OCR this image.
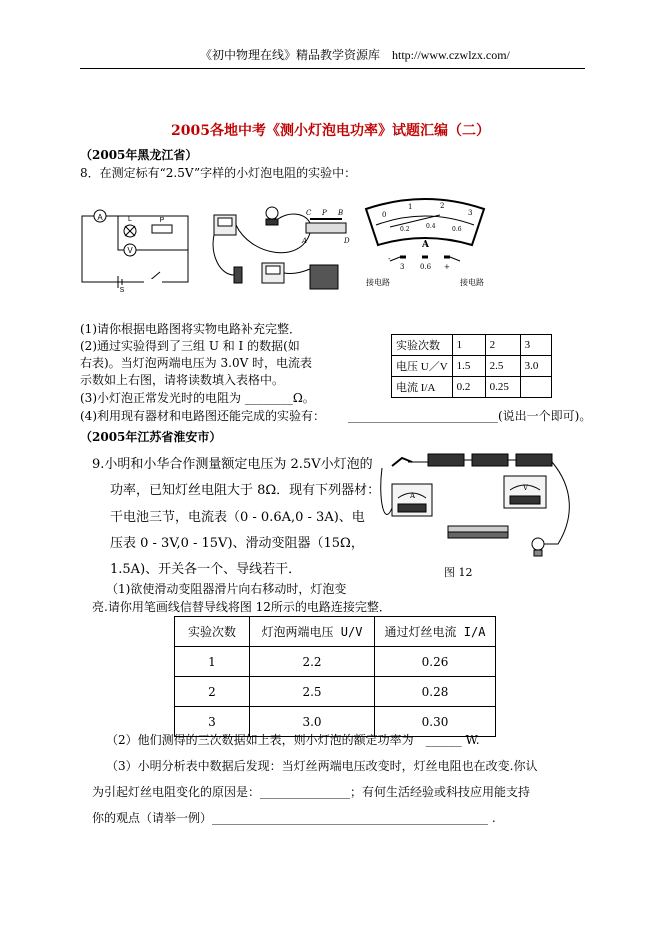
《初中物理在线》精品教学资源库 http://www.czwlzx.com/
2005各地中考《测小灯泡电功率》试题汇编（二）
（2005年黑龙江省）
8．在测定标有“2.5V”字样的小灯泡电阻的实验中：
A	L	P
V
S
C P B
A	D
0
1	2
3
0.2	0.4	0.6
A
-
3 0.6 +
接电路	接电路
(1)请你根据电路图将实物电路补充完整．
(2)通过实验得到了三组 U 和 I 的数据(如
右表)。当灯泡两端电压为 3.0V 时，电流表
示数如上右图，请将读数填入表格中。
(3)小灯泡正常发光时的电阻为 ________Ω。
(4)利用现有器材和电路图还能完成的实验有： _________________________(说出一个即可)。
实验次数	1	2	3
电压 U／V	1.5	2.5	3.0
电流 I/A	0.2	0.25	
（2005年江苏省淮安市）
9.小明和小华合作测量额定电压为 2.5V小灯泡的
功率，已知灯丝电阻大于 8Ω．现有下列器材：
干电池三节，电流表（0 - 0.6A,0 - 3A)、电
压表 0 - 3V,0 - 15V)、滑动变阻器（15Ω，
1.5A)、开关各一个、导线若干．
（1)欲使滑动变阻器滑片向右移动时，灯泡变
亮.请你用笔画线信替导线将图 12所示的电路连接完整．
A
V
图 12
实验次数	灯泡两端电压 U/V	通过灯丝电流 I/A
1	2.2	0.26
2	2.5	0.28
3	3.0	0.30
（2）他们测得的三次数据如上表，则小灯泡的额定功率为　______ W.
（3）小明分析表中数据后发现：当灯丝两端电压改变时，灯丝电阻也在改变.你认
为引起灯丝电阻变化的原因是：_______________；有何生活经验或科技应用能支持
你的观点（请举一例）______________________________________________ .
